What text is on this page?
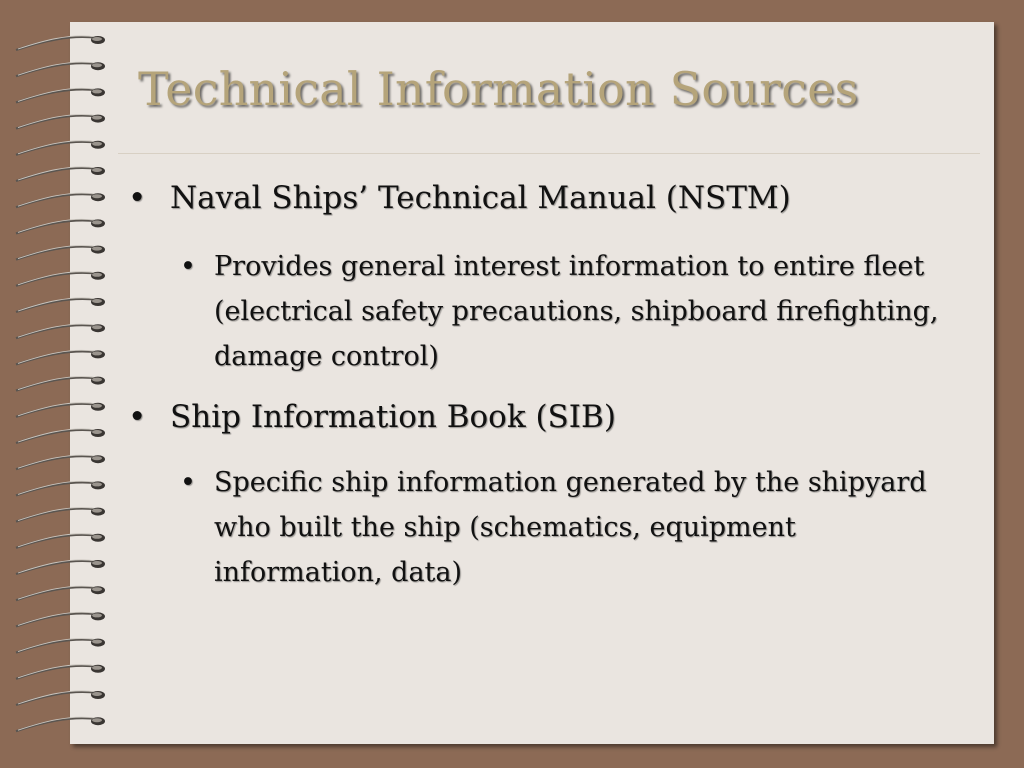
Technical Information Sources
• Naval Ships’ Technical Manual (NSTM)
• Provides general interest information to entire fleet (electrical safety precautions, shipboard firefighting, damage control)
• Ship Information Book (SIB)
• Specific ship information generated by the shipyard who built the ship (schematics, equipment information, data)
